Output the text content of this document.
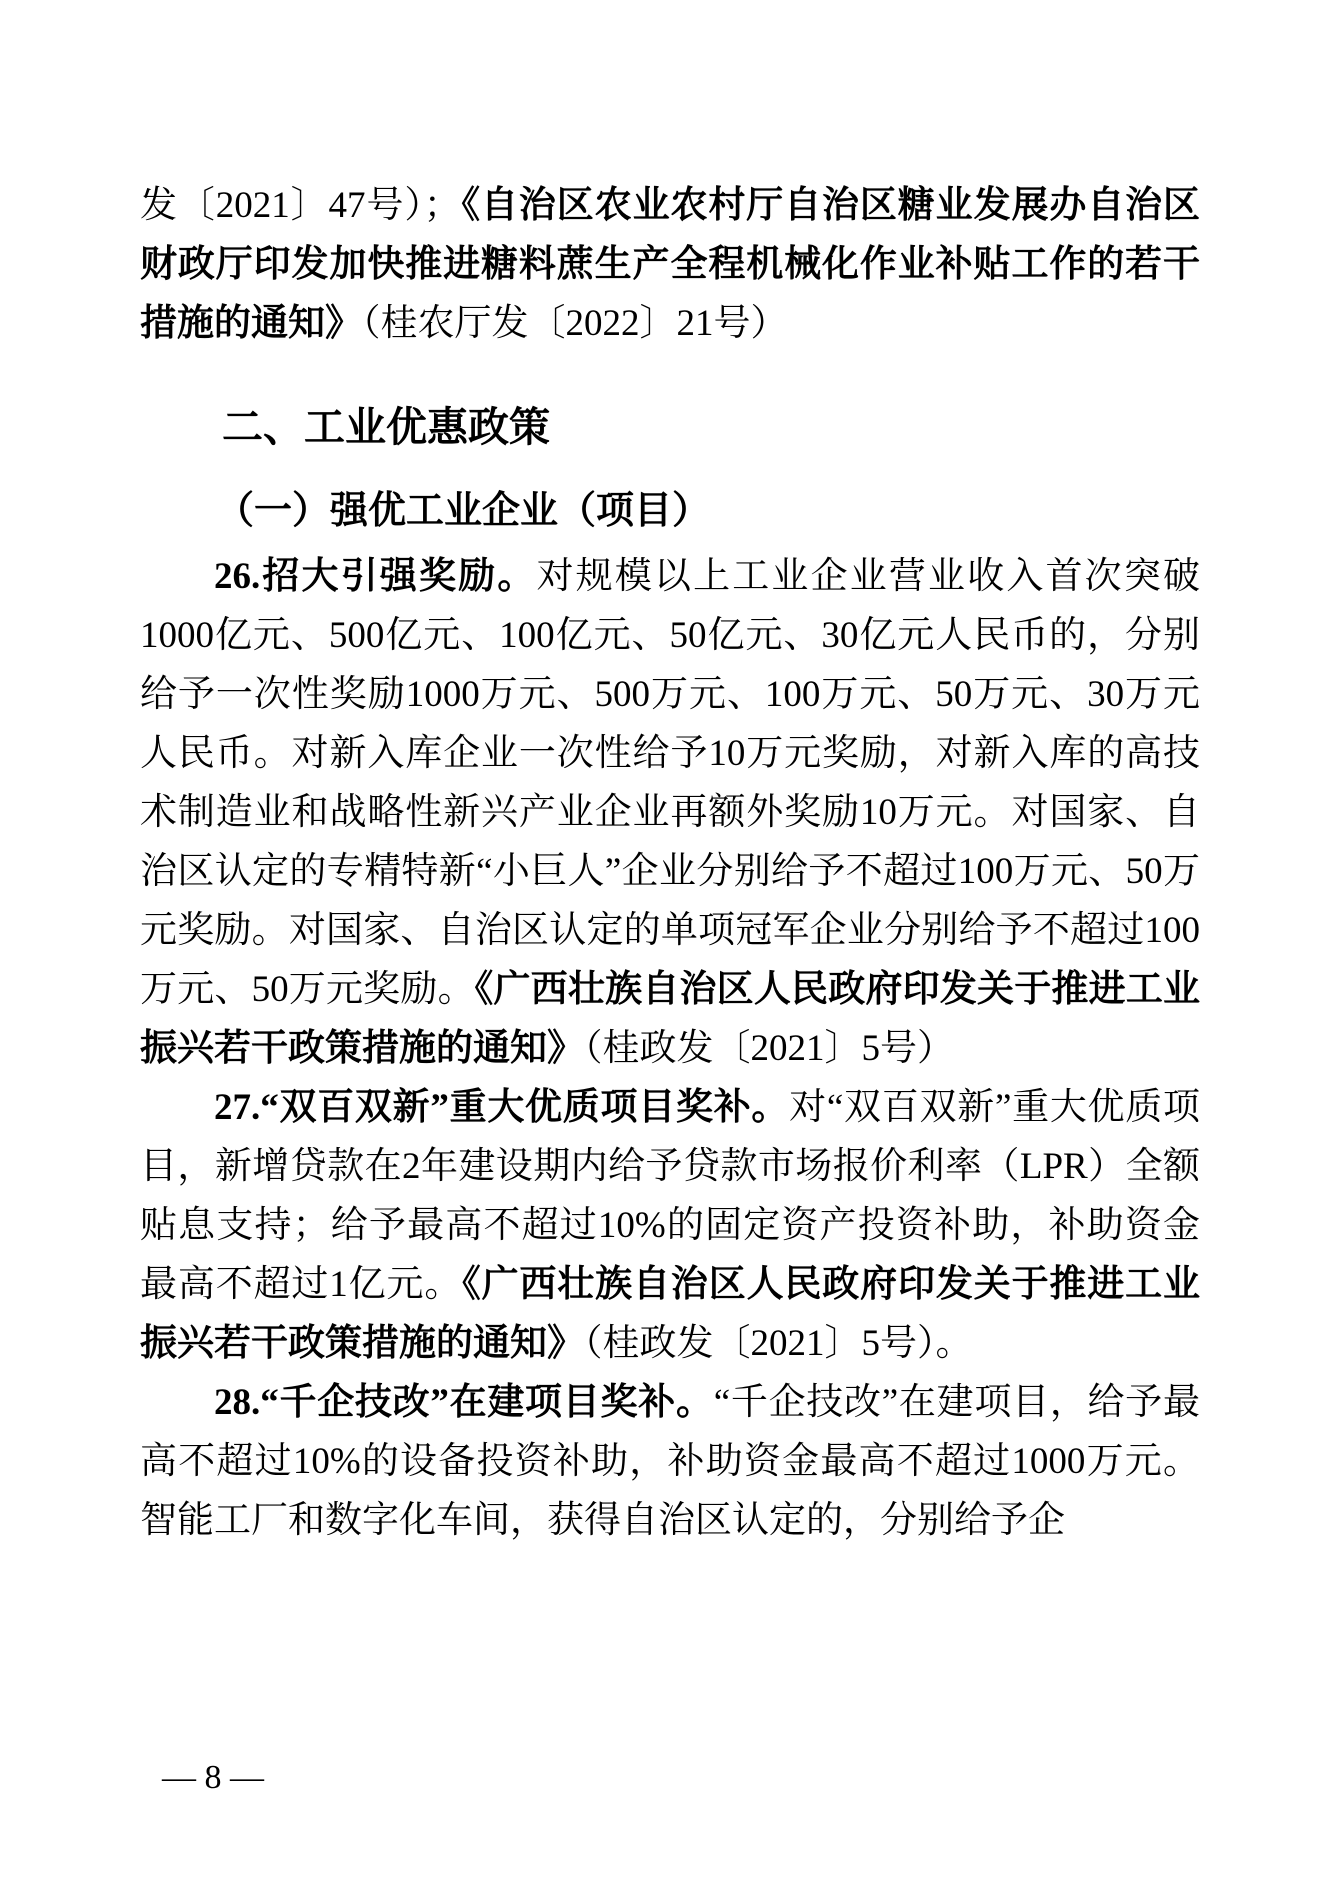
发〔2021〕47号）；《自治区农业农村厅自治区糖业发展办自治区财政厅印发加快推进糖料蔗生产全程机械化作业补贴工作的若干措施的通知》（桂农厅发〔2022〕21号）

二、工业优惠政策

（一）强优工业企业（项目）

26.招大引强奖励。对规模以上工业企业营业收入首次突破1000亿元、500亿元、100亿元、50亿元、30亿元人民币的，分别给予一次性奖励1000万元、500万元、100万元、50万元、30万元人民币。对新入库企业一次性给予10万元奖励，对新入库的高技术制造业和战略性新兴产业企业再额外奖励10万元。对国家、自治区认定的专精特新“小巨人”企业分别给予不超过100万元、50万元奖励。对国家、自治区认定的单项冠军企业分别给予不超过100万元、50万元奖励。《广西壮族自治区人民政府印发关于推进工业振兴若干政策措施的通知》（桂政发〔2021〕5号）

27.“双百双新”重大优质项目奖补。对“双百双新”重大优质项目，新增贷款在2年建设期内给予贷款市场报价利率（LPR）全额贴息支持；给予最高不超过10%的固定资产投资补助，补助资金最高不超过1亿元。《广西壮族自治区人民政府印发关于推进工业振兴若干政策措施的通知》（桂政发〔2021〕5号）。

28.“千企技改”在建项目奖补。“千企技改”在建项目，给予最高不超过10%的设备投资补助，补助资金最高不超过1000万元。智能工厂和数字化车间，获得自治区认定的，分别给予企

— 8 —
